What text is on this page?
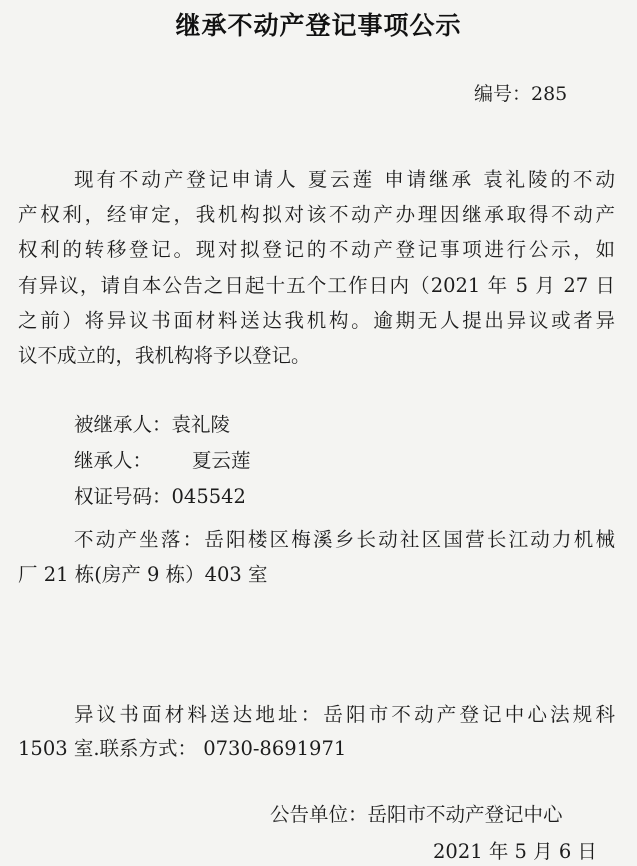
继承不动产登记事项公示
编号：285
现有不动产登记申请人 夏云莲 申请继承 袁礼陵的不动
产权利，经审定，我机构拟对该不动产办理因继承取得不动产
权利的转移登记。现对拟登记的不动产登记事项进行公示，如
有异议，请自本公告之日起十五个工作日内（2021 年 5 月 27 日
之前）将异议书面材料送达我机构。逾期无人提出异议或者异
议不成立的，我机构将予以登记。
被继承人：袁礼陵
继承人： 夏云莲
权证号码：045542
不动产坐落：岳阳楼区梅溪乡长动社区国营长江动力机械
厂 21 栋(房产 9 栋）403 室
异议书面材料送达地址：岳阳市不动产登记中心法规科
1503 室.联系方式： 0730-8691971
公告单位：岳阳市不动产登记中心
2021 年 5 月 6 日
